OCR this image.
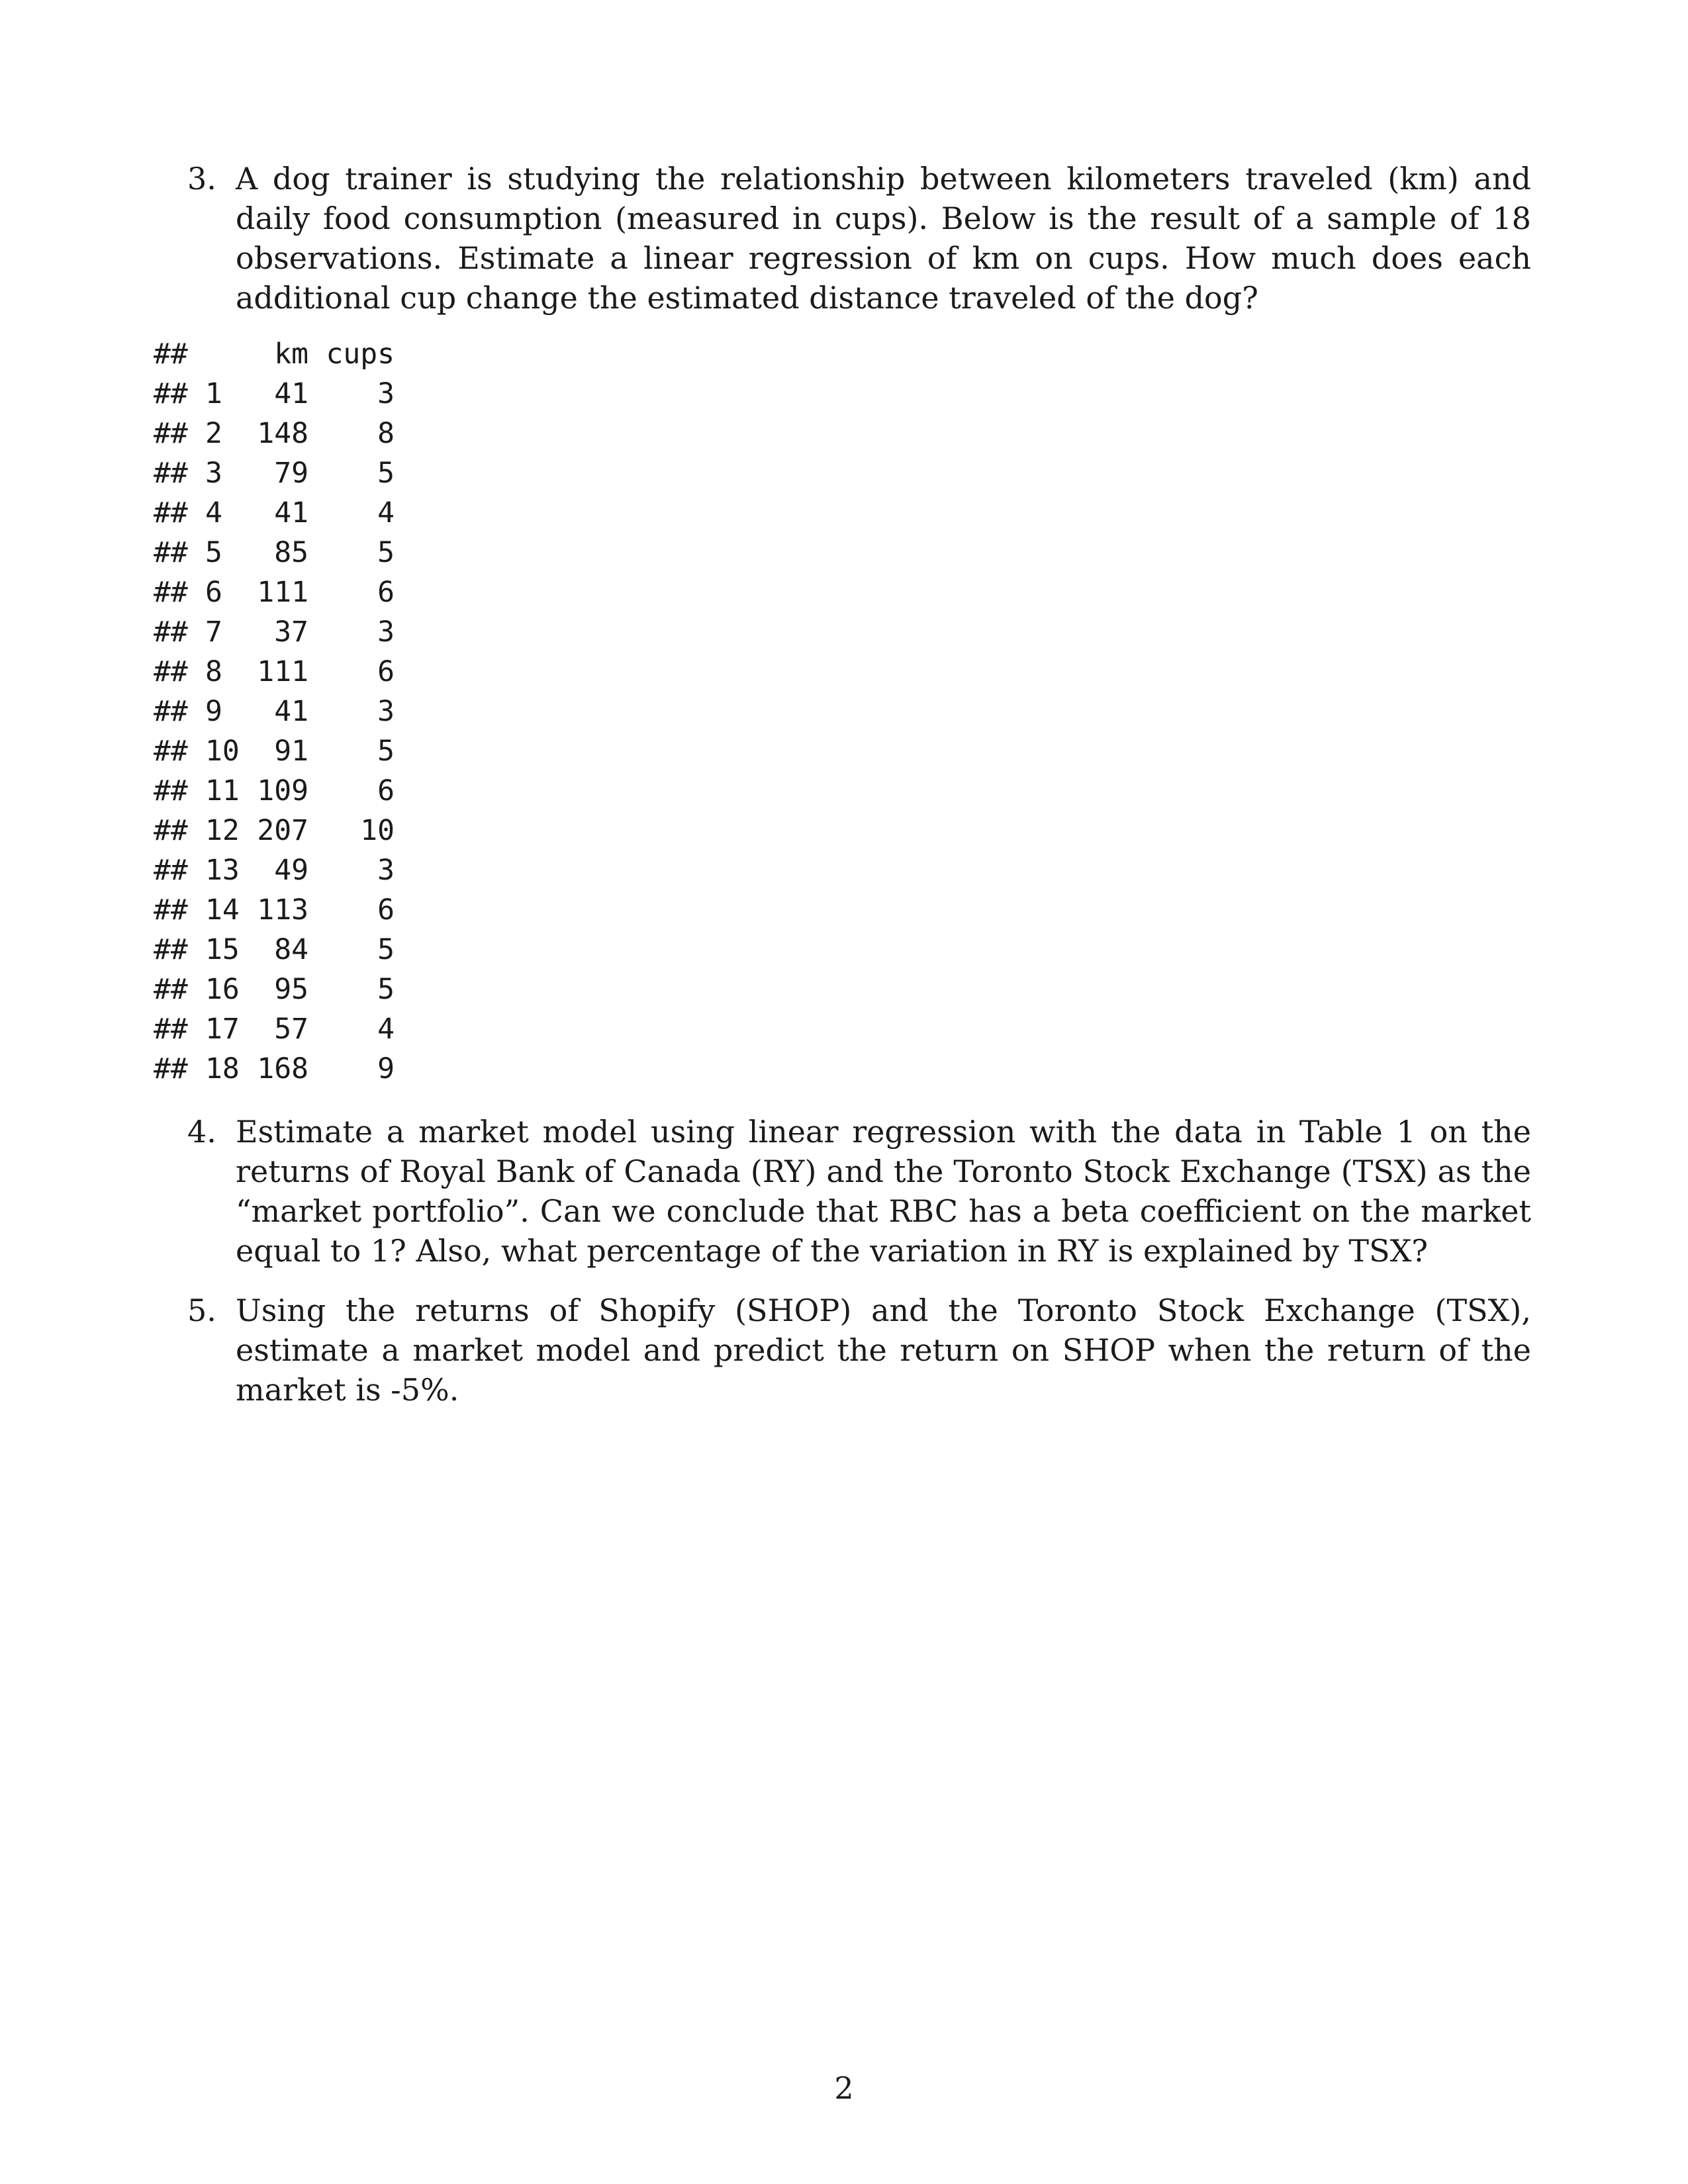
3. A dog trainer is studying the relationship between kilometers traveled (km) and daily food consumption (measured in cups). Below is the result of a sample of 18 observations. Estimate a linear regression of km on cups. How much does each additional cup change the estimated distance traveled of the dog?
##	km cups
## 1	41	3
## 2	148	8
## 3	79	5
## 4	41	4
## 5	85	5
## 6	111	6
## 7	37	3
## 8	111	6
## 9	41	3
## 10	91	5
## 11 109	6
## 12 207	10
## 13	49	3
## 14 113	6
## 15	84	5
## 16	95	5
## 17	57	4
## 18 168	9
4. Estimate a market model using linear regression with the data in Table 1 on the returns of Royal Bank of Canada (RY) and the Toronto Stock Exchange (TSX) as the “market portfolio”. Can we conclude that RBC has a beta coefficient on the market equal to 1? Also, what percentage of the variation in RY is explained by TSX?
5. Using the returns of Shopify (SHOP) and the Toronto Stock Exchange (TSX), estimate a market model and predict the return on SHOP when the return of the market is -5%.
2
